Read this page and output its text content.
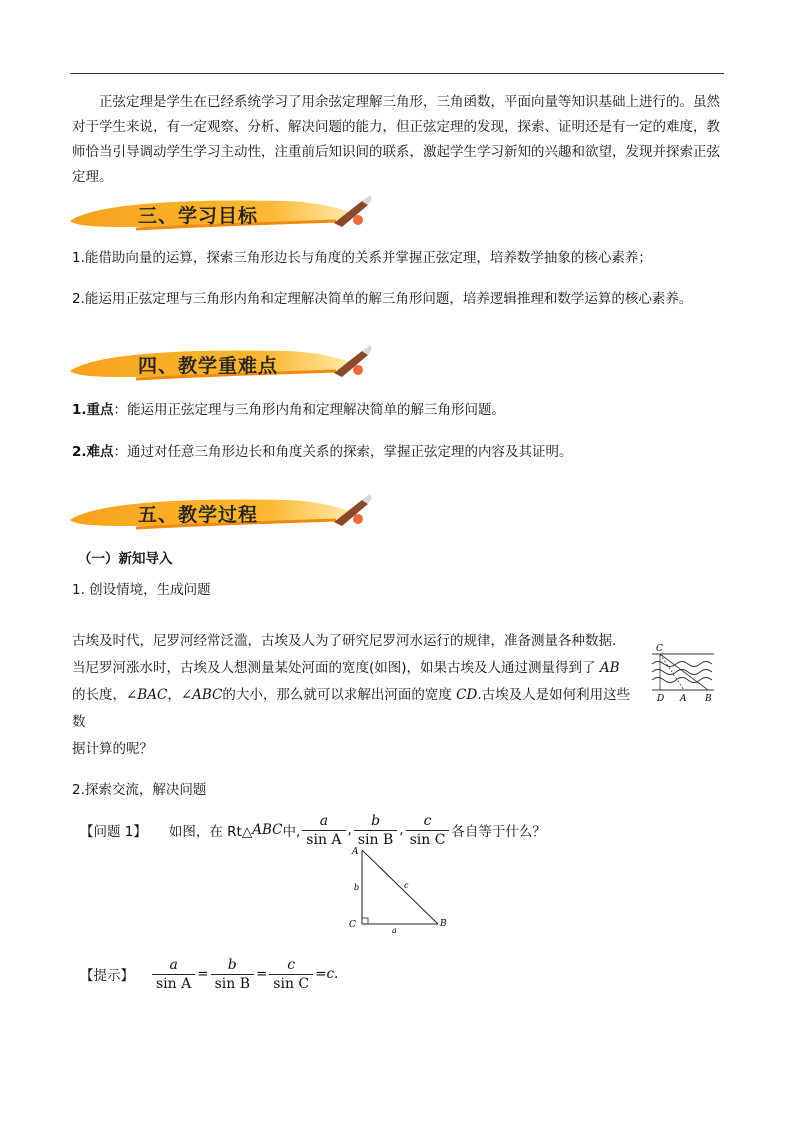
正弦定理是学生在已经系统学习了用余弦定理解三角形，三角函数，平面向量等知识基础上进行的。虽然对于学生来说，有一定观察、分析、解决问题的能力，但正弦定理的发现，探索、证明还是有一定的难度，教师恰当引导调动学生学习主动性，注重前后知识间的联系，激起学生学习新知的兴趣和欲望，发现并探索正弦定理。

三、学习目标

1.能借助向量的运算，探索三角形边长与角度的关系并掌握正弦定理，培养数学抽象的核心素养；

2.能运用正弦定理与三角形内角和定理解决简单的解三角形问题，培养逻辑推理和数学运算的核心素养。

四、教学重难点

1.重点：能运用正弦定理与三角形内角和定理解决简单的解三角形问题。

2.难点：通过对任意三角形边长和角度关系的探索，掌握正弦定理的内容及其证明。

五、教学过程

（一）新知导入

1. 创设情境，生成问题

古埃及时代，尼罗河经常泛滥，古埃及人为了研究尼罗河水运行的规律，准备测量各种数据.
当尼罗河涨水时，古埃及人想测量某处河面的宽度(如图)，如果古埃及人通过测量得到了 AB
的长度，∠BAC，∠ABC的大小，那么就可以求解出河面的宽度 CD.古埃及人是如何利用这些数
据计算的呢？

C
D A B

2.探索交流，解决问题

【问题 1】 如图，在 Rt△ ABC 中, $\frac{a}{\text{sin A}}$ , $\frac{b}{\text{sin B}}$ , $\frac{c}{\text{sin C}}$ 各自等于什么？
A
B
C
b
a
c
【提示】 $\frac{a}{\text{sin A}} = \frac{b}{\text{sin B}} = \frac{c}{\text{sin C}} = c$.
